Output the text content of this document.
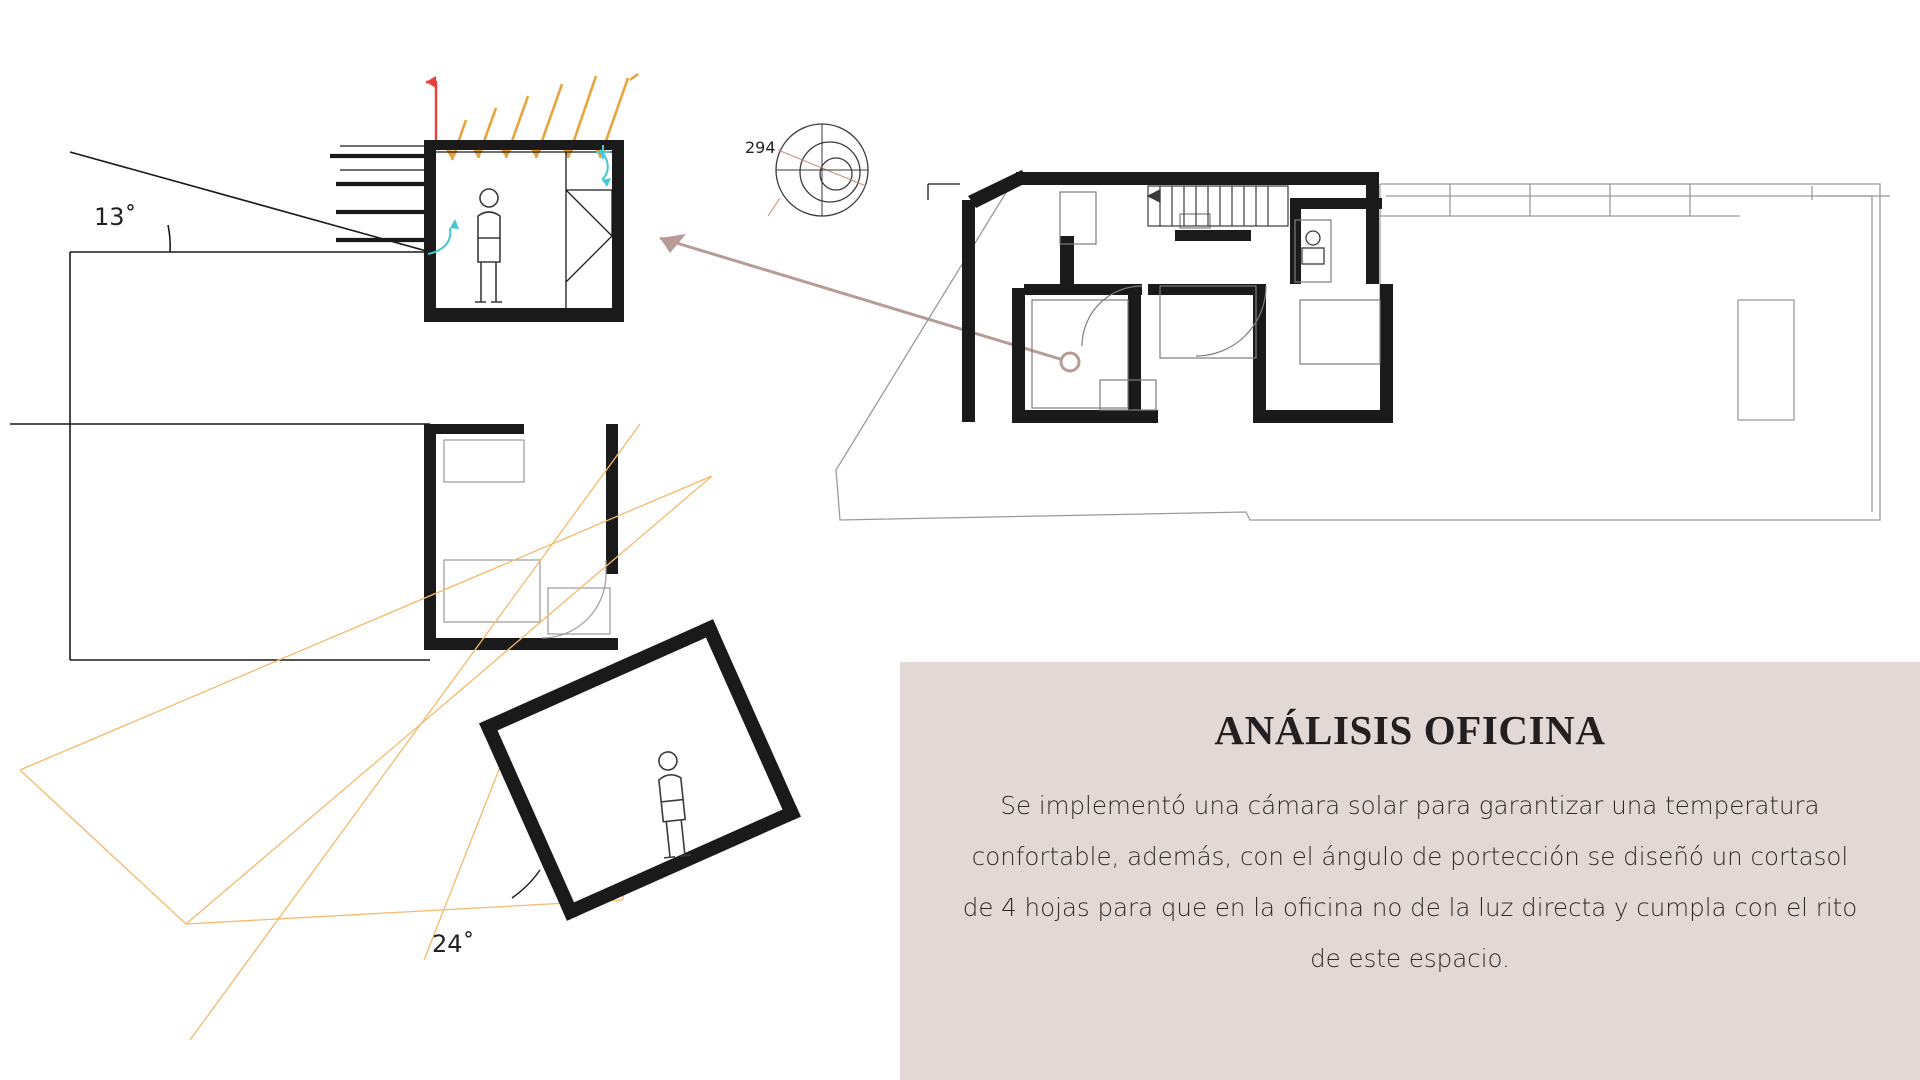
13˚
24˚
294
ANÁLISIS OFICINA

Se implementó una cámara solar para garantizar una temperatura confortable, además, con el ángulo de portección se diseñó un cortasol de 4 hojas para que en la oficina no de la luz directa y cumpla con el rito de este espacio.
